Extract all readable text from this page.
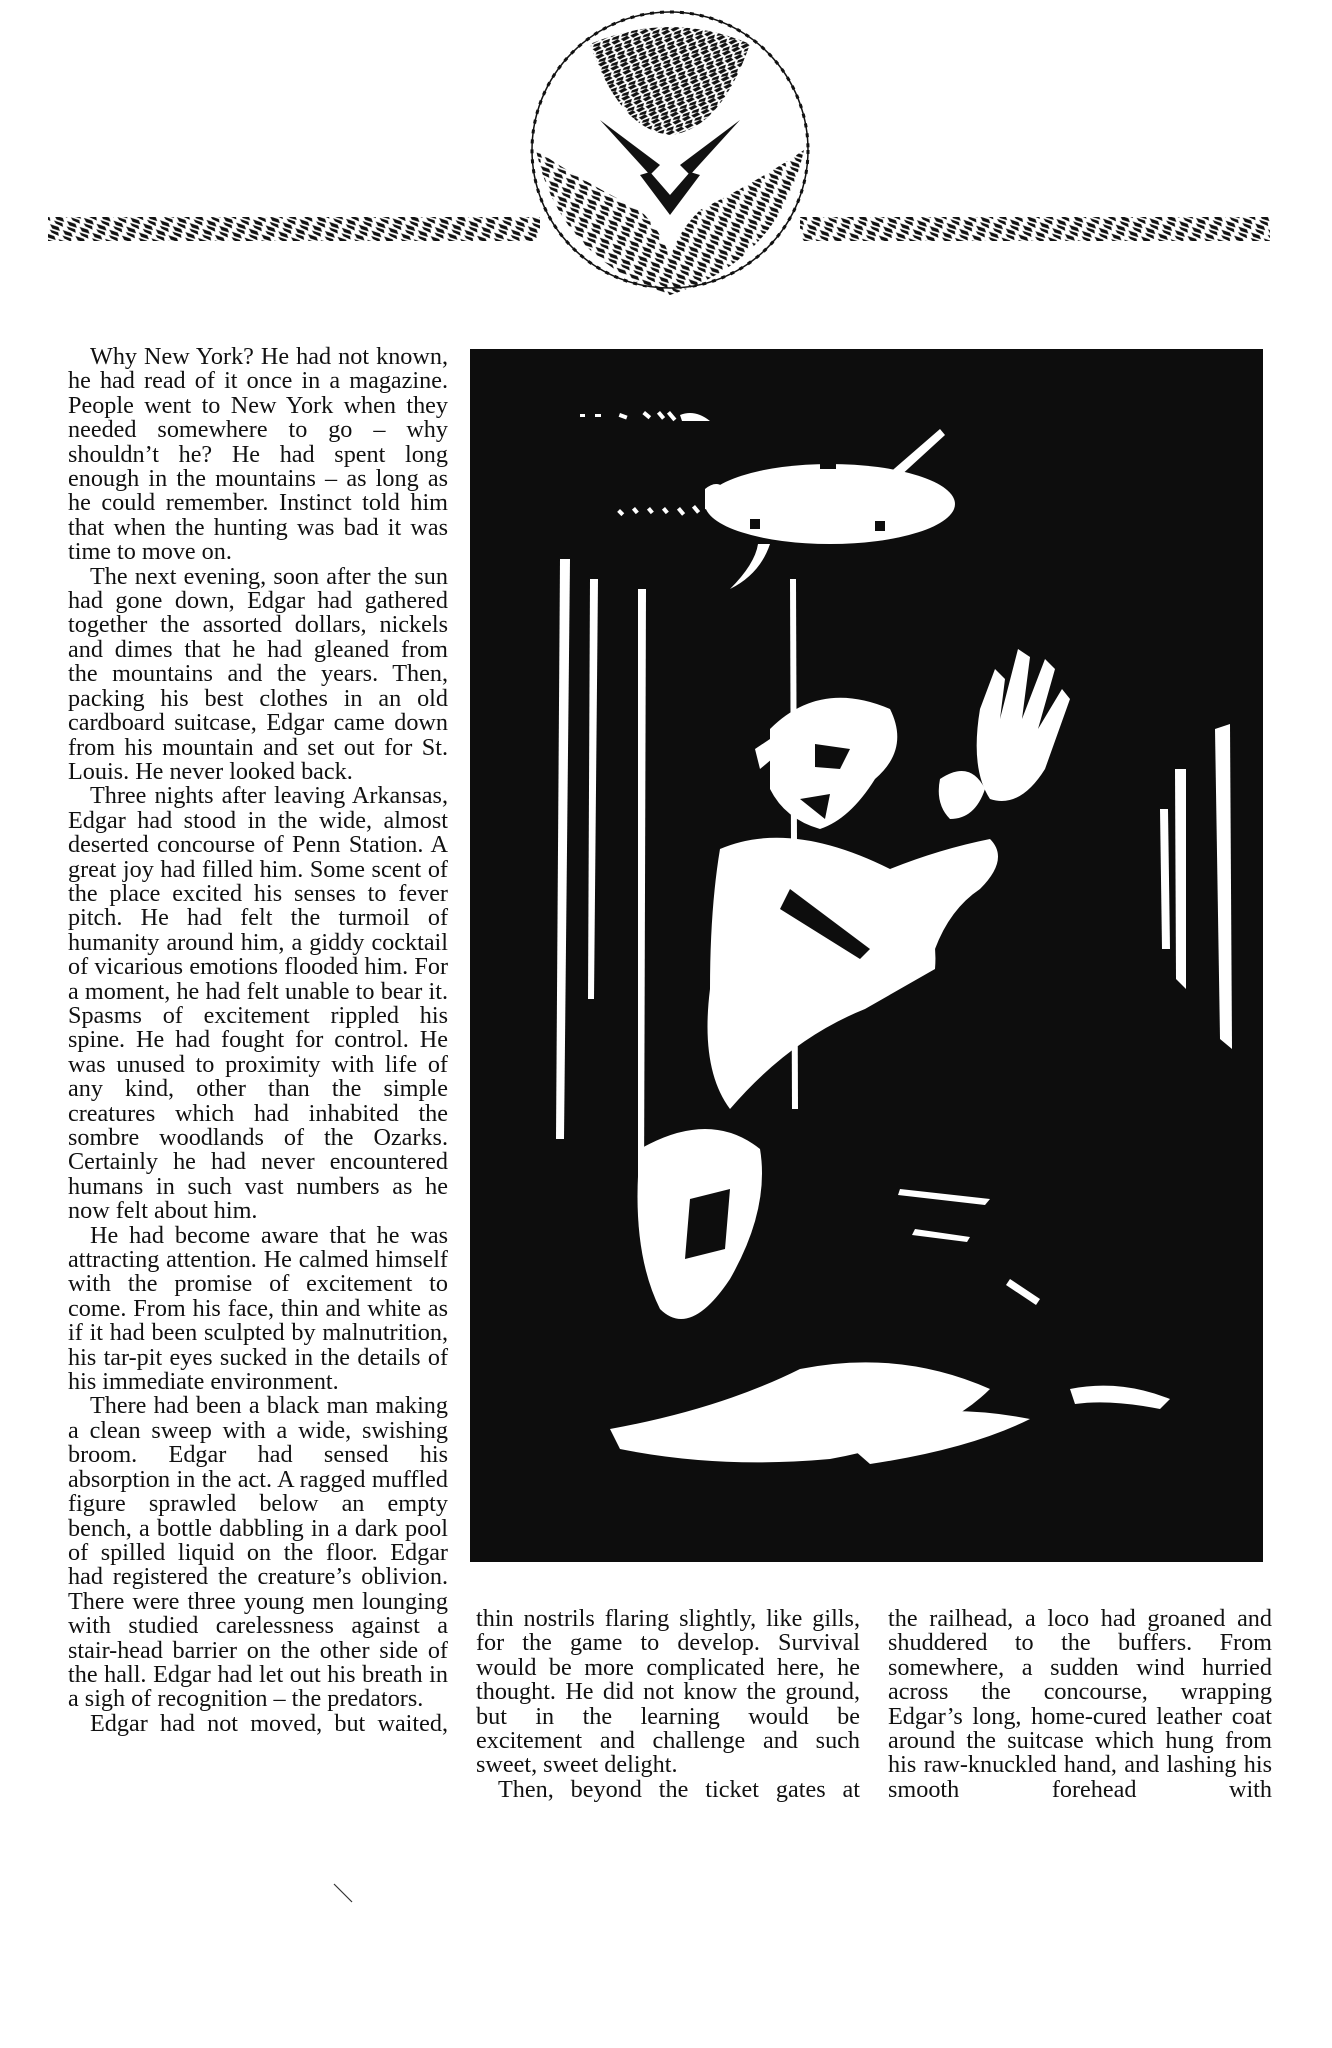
Why New York? He had not known, he had read of it once in a magazine. People went to New York when they needed somewhere to go – why shouldn’t he? He had spent long enough in the mountains – as long as he could remember. Instinct told him that when the hunting was bad it was time to move on.

The next evening, soon after the sun had gone down, Edgar had gathered together the assorted dollars, nickels and dimes that he had gleaned from the mountains and the years. Then, packing his best clothes in an old cardboard suitcase, Edgar came down from his mountain and set out for St. Louis. He never looked back.

Three nights after leaving Arkansas, Edgar had stood in the wide, almost deserted concourse of Penn Station. A great joy had filled him. Some scent of the place excited his senses to fever pitch. He had felt the turmoil of humanity around him, a giddy cocktail of vicarious emotions flooded him. For a moment, he had felt unable to bear it. Spasms of excitement rippled his spine. He had fought for control. He was unused to proximity with life of any kind, other than the simple creatures which had inhabited the sombre woodlands of the Ozarks. Certainly he had never encountered humans in such vast numbers as he now felt about him.

He had become aware that he was attracting attention. He calmed himself with the promise of excitement to come. From his face, thin and white as if it had been sculpted by malnutrition, his tar-pit eyes sucked in the details of his immediate environment.

There had been a black man making a clean sweep with a wide, swishing broom. Edgar had sensed his absorption in the act. A ragged muffled figure sprawled below an empty bench, a bottle dabbling in a dark pool of spilled liquid on the floor. Edgar had registered the creature’s oblivion. There were three young men lounging with studied carelessness against a stair-head barrier on the other side of the hall. Edgar had let out his breath in a sigh of recognition – the predators.

Edgar had not moved, but waited,

thin nostrils flaring slightly, like gills, for the game to develop. Survival would be more complicated here, he thought. He did not know the ground, but in the learning would be excitement and challenge and such sweet, sweet delight.

Then, beyond the ticket gates at

the railhead, a loco had groaned and shuddered to the buffers. From somewhere, a sudden wind hurried across the concourse, wrapping Edgar’s long, home-cured leather coat around the suitcase which hung from his raw-knuckled hand, and lashing his smooth forehead with
